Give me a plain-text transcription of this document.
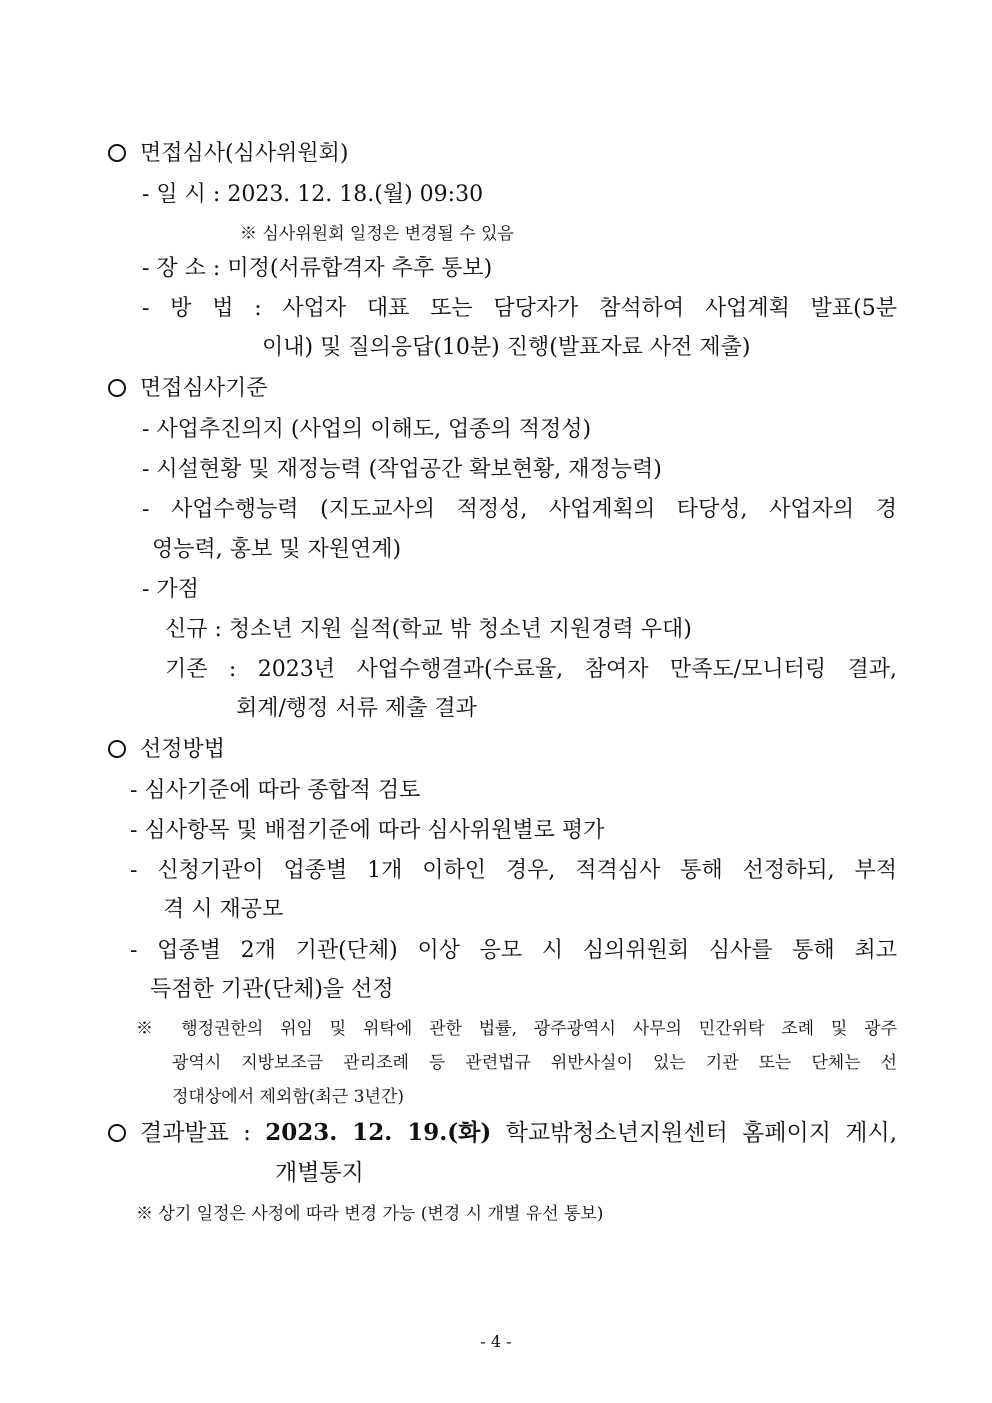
면접심사(심사위원회)
- 일 시 : 2023. 12. 18.(월) 09:30
※ 심사위원회 일정은 변경될 수 있음
- 장 소 : 미정(서류합격자 추후 통보)
- 방 법 : 사업자 대표 또는 담당자가 참석하여 사업계획 발표(5분
이내) 및 질의응답(10분) 진행(발표자료 사전 제출)
면접심사기준
- 사업추진의지 (사업의 이해도, 업종의 적정성)
- 시설현황 및 재정능력 (작업공간 확보현황, 재정능력)
- 사업수행능력 (지도교사의 적정성, 사업계획의 타당성, 사업자의 경
영능력, 홍보 및 자원연계)
- 가점
신규 : 청소년 지원 실적(학교 밖 청소년 지원경력 우대)
기존 : 2023년 사업수행결과(수료율, 참여자 만족도/모니터링 결과,
회계/행정 서류 제출 결과
선정방법
- 심사기준에 따라 종합적 검토
- 심사항목 및 배점기준에 따라 심사위원별로 평가
- 신청기관이 업종별 1개 이하인 경우, 적격심사 통해 선정하되, 부적
격 시 재공모
- 업종별 2개 기관(단체) 이상 응모 시 심의위원회 심사를 통해 최고
득점한 기관(단체)을 선정
※ 행정권한의 위임 및 위탁에 관한 법률, 광주광역시 사무의 민간위탁 조례 및 광주
광역시 지방보조금 관리조례 등 관련법규 위반사실이 있는 기관 또는 단체는 선
정대상에서 제외함(최근 3년간)
결과발표 : 2023. 12. 19.(화) 학교밖청소년지원센터 홈페이지 게시,
개별통지
※ 상기 일정은 사정에 따라 변경 가능 (변경 시 개별 유선 통보)
- 4 -
